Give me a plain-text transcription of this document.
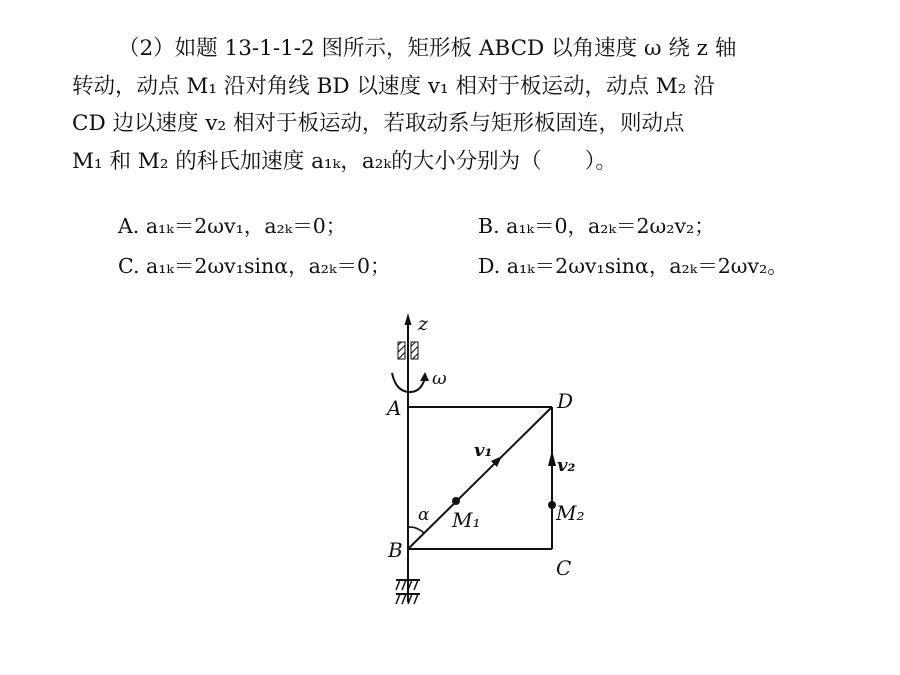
（2）如题 13-1-1-2 图所示，矩形板 ABCD 以角速度 ω 绕 z 轴
转动，动点 M₁ 沿对角线 BD 以速度 v₁ 相对于板运动，动点 M₂ 沿
CD 边以速度 v₂ 相对于板运动，若取动系与矩形板固连，则动点
M₁ 和 M₂ 的科氏加速度 a₁ₖ，a₂ₖ的大小分别为（　　）。
A. a₁ₖ＝2ωv₁，a₂ₖ＝0；	B. a₁ₖ＝0，a₂ₖ＝2ω₂v₂；
C. a₁ₖ＝2ωv₁sinα，a₂ₖ＝0；	D. a₁ₖ＝2ωv₁sinα，a₂ₖ＝2ωv₂。
z
ω
A	D
B
C
v₁
v₂
M₁	M₂
α
